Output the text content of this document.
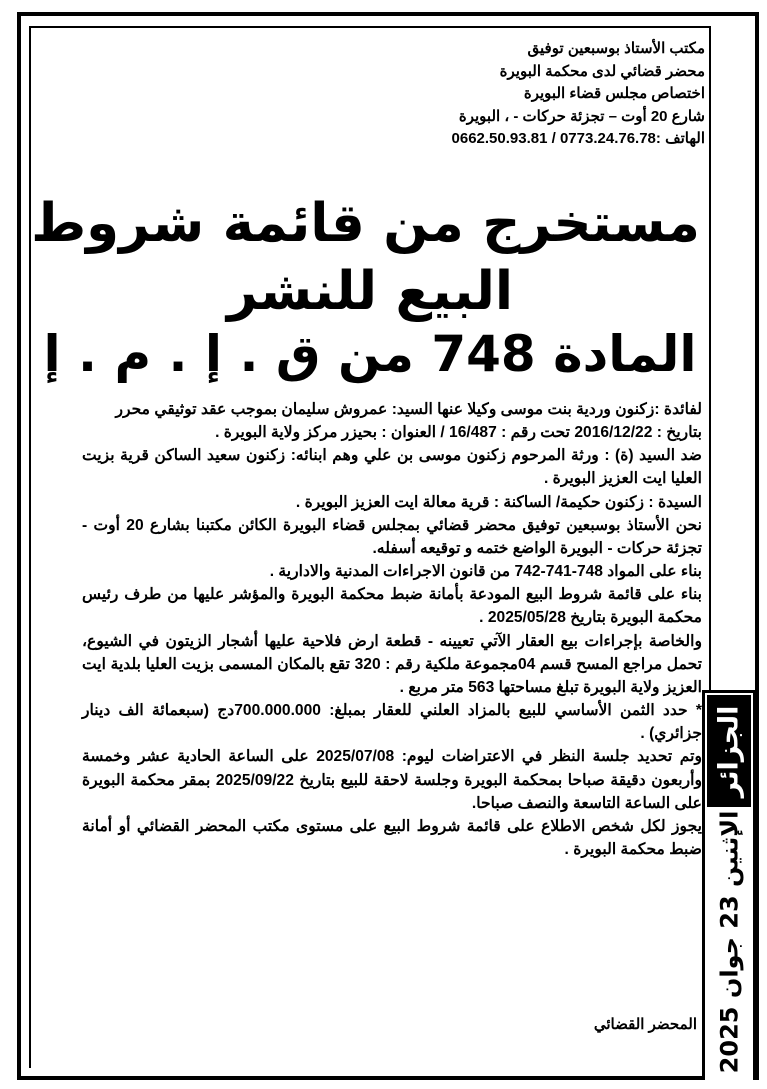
مكتب الأستاذ بوسبعين توفيق
محضر قضائي لدى محكمة البويرة
اختصاص مجلس قضاء البويرة
شارع 20 أوت – تجزئة حركات - ، البويرة
الهاتف :0773.24.76.78 / 0662.50.93.81
مستخرج من قائمة شروط
البيع للنشر
المادة 748 من ق . إ . م . إ

لفائدة :زكنون وردية بنت موسى وكيلا عنها السيد: عمروش سليمان بموجب عقد توثيقي محرر

بتاريخ : 2016/12/22 تحت رقم : 16/487 / العنوان : بحيزر مركز ولاية البويرة .

ضد السيد (ة) : ورثة المرحوم زكنون موسى بن علي وهم ابنائه: زكنون سعيد الساكن قرية بزيت العليا ايت العزيز البويرة .

السيدة : زكنون حكيمة/ الساكنة : قرية معالة ايت العزيز البويرة .

نحن الأستاذ بوسبعين توفيق محضر قضائي بمجلس قضاء البويرة الكائن مكتبنا بشارع 20 أوت - تجزئة حركات - البويرة الواضع ختمه و توقيعه أسفله.

بناء على المواد 748-741-742 من قانون الاجراءات المدنية والادارية .

بناء على قائمة شروط البيع المودعة بأمانة ضبط محكمة البويرة والمؤشر عليها من طرف رئيس محكمة البويرة بتاريخ 2025/05/28 .

والخاصة بإجراءات بيع العقار الآتي تعيينه - قطعة ارض فلاحية عليها أشجار الزيتون في الشيوع، تحمل مراجع المسح قسم 04مجموعة ملكية رقم : 320 تقع بالمكان المسمى بزيت العليا بلدية ايت العزيز ولاية البويرة تبلغ مساحتها 563 متر مربع .

* حدد الثمن الأساسي للبيع بالمزاد العلني للعقار بمبلغ: 700.000.000دج (سبعمائة الف دينار جزائري) .

وتم تحديد جلسة النظر في الاعتراضات ليوم: 2025/07/08 على الساعة الحادية عشر وخمسة وأربعون دقيقة صباحا بمحكمة البويرة وجلسة لاحقة للبيع بتاريخ 2025/09/22 بمقر محكمة البويرة على الساعة التاسعة والنصف صباحا.

يجوز لكل شخص الاطلاع على قائمة شروط البيع على مستوى مكتب المحضر القضائي أو أمانة ضبط محكمة البويرة .

المحضر القضائي
الجزائر
الإثنين 23 جوان 2025
